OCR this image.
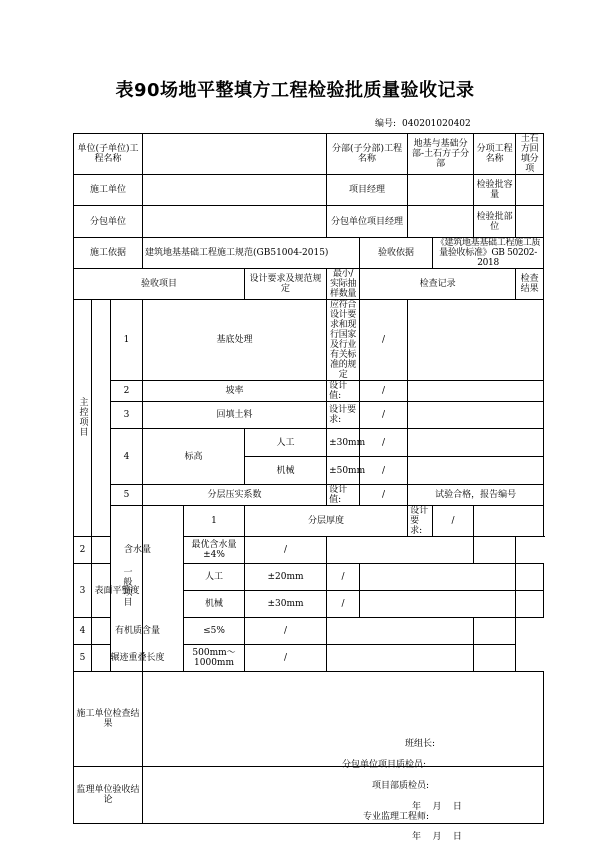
表90场地平整填方工程检验批质量验收记录
编号: 040201020402
单位(子单位)工程名称						分部(子分部)工程名称		地基与基础分部-土石方子分部		分项工程名称	土石方回填分项	
施工单位						项目经理				检验批容量		
分包单位						分包单位项目经理				检验批部位		
施工依据			建筑地基基础工程施工规范(GB51004-2015)				验收依据		《建筑地基基础工程施工质量验收标准》GB 50202-2018			
验收项目					设计要求及规范规定	最小/实际抽样数量	检查记录				检查结果	
主控项目		1	基底处理			应符合设计要求和现行国家及行业有关标准的规定	/					
		2	坡率			设计值:	/					
		3	回填土料			设计要求:	/					
		4	标高		人工	±30mm	/					
					机械	±50mm	/					
		5	分层压实系数			设计值:	/	试验合格，报告编号				
		一般项目		1	分层厚度			设计要求:	/			
2	含水量			最优含水量±4%	/							
3	表面平整度			人工	±20mm	/						
				机械	±30mm	/						
4	有机质含量			≤5%	/							
5	辗迹重叠长度			500mm～1000mm	/							

施工单位检查结果			班组长:
分包单位项目质检员:
项目部质检员:
年    月    日									

监理单位验收结论			专业监理工程师:
年    月    日									
